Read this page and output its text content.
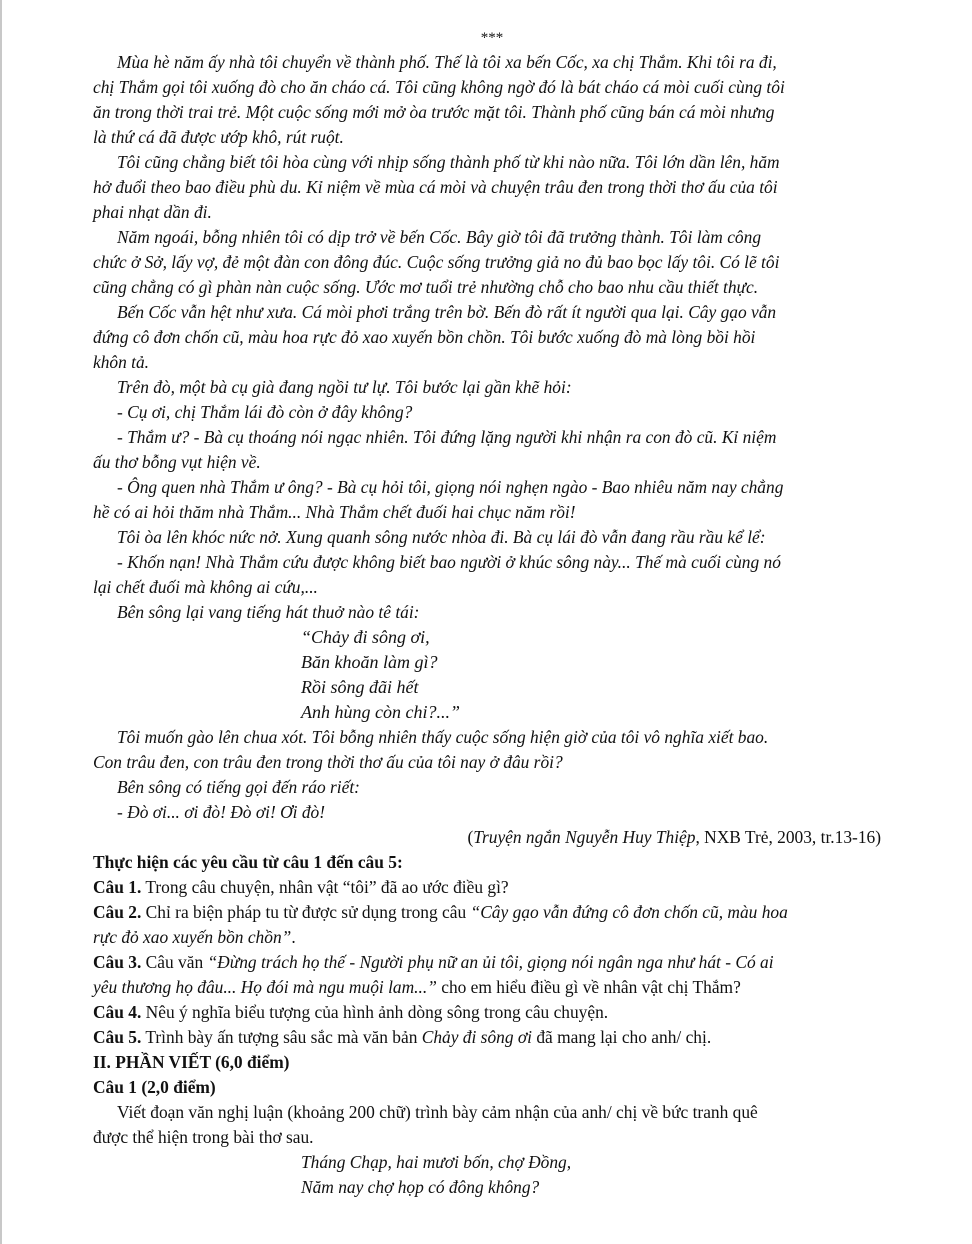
***
Mùa hè năm ấy nhà tôi chuyển về thành phố. Thế là tôi xa bến Cốc, xa chị Thắm. Khi tôi ra đi,
chị Thắm gọi tôi xuống đò cho ăn cháo cá. Tôi cũng không ngờ đó là bát cháo cá mòi cuối cùng tôi
ăn trong thời trai trẻ. Một cuộc sống mới mở òa trước mặt tôi. Thành phố cũng bán cá mòi nhưng
là thứ cá đã được ướp khô, rút ruột.
Tôi cũng chẳng biết tôi hòa cùng với nhịp sống thành phố từ khi nào nữa. Tôi lớn dần lên, hăm
hở đuổi theo bao điều phù du. Kỉ niệm về mùa cá mòi và chuyện trâu đen trong thời thơ ấu của tôi
phai nhạt dần đi.
Năm ngoái, bỗng nhiên tôi có dịp trở về bến Cốc. Bây giờ tôi đã trưởng thành. Tôi làm công
chức ở Sở, lấy vợ, đẻ một đàn con đông đúc. Cuộc sống trưởng giả no đủ bao bọc lấy tôi. Có lẽ tôi
cũng chẳng có gì phàn nàn cuộc sống. Ước mơ tuổi trẻ nhường chỗ cho bao nhu cầu thiết thực.
Bến Cốc vẫn hệt như xưa. Cá mòi phơi trắng trên bờ. Bến đò rất ít người qua lại. Cây gạo vẫn
đứng cô đơn chốn cũ, màu hoa rực đỏ xao xuyến bồn chồn. Tôi bước xuống đò mà lòng bồi hồi
khôn tả.
Trên đò, một bà cụ già đang ngồi tư lự. Tôi bước lại gần khẽ hỏi:
- Cụ ơi, chị Thắm lái đò còn ở đây không?
- Thắm ư? - Bà cụ thoáng nói ngạc nhiên. Tôi đứng lặng người khi nhận ra con đò cũ. Kỉ niệm
ấu thơ bỗng vụt hiện về.
- Ông quen nhà Thắm ư ông? - Bà cụ hỏi tôi, giọng nói nghẹn ngào - Bao nhiêu năm nay chẳng
hề có ai hỏi thăm nhà Thắm... Nhà Thắm chết đuối hai chục năm rồi!
Tôi òa lên khóc nức nở. Xung quanh sông nước nhòa đi. Bà cụ lái đò vẫn đang rầu rầu kể lể:
- Khốn nạn! Nhà Thắm cứu được không biết bao người ở khúc sông này... Thế mà cuối cùng nó
lại chết đuối mà không ai cứu,...
Bên sông lại vang tiếng hát thuở nào tê tái:
“Chảy đi sông ơi,
Băn khoăn làm gì?
Rồi sông đãi hết
Anh hùng còn chi?...”
Tôi muốn gào lên chua xót. Tôi bỗng nhiên thấy cuộc sống hiện giờ của tôi vô nghĩa xiết bao.
Con trâu đen, con trâu đen trong thời thơ ấu của tôi nay ở đâu rồi?
Bên sông có tiếng gọi đến ráo riết:
- Đò ơi... ơi đò! Đò ơi! Ơi đò!
(Truyện ngắn Nguyễn Huy Thiệp, NXB Trẻ, 2003, tr.13-16)
Thực hiện các yêu cầu từ câu 1 đến câu 5:
Câu 1. Trong câu chuyện, nhân vật “tôi” đã ao ước điều gì?
Câu 2. Chỉ ra biện pháp tu từ được sử dụng trong câu “Cây gạo vẫn đứng cô đơn chốn cũ, màu hoa
rực đỏ xao xuyến bồn chồn”.
Câu 3. Câu văn “Đừng trách họ thế - Người phụ nữ an ủi tôi, giọng nói ngân nga như hát - Có ai
yêu thương họ đâu... Họ đói mà ngu muội lam...” cho em hiểu điều gì về nhân vật chị Thắm?
Câu 4. Nêu ý nghĩa biểu tượng của hình ảnh dòng sông trong câu chuyện.
Câu 5. Trình bày ấn tượng sâu sắc mà văn bản Chảy đi sông ơi đã mang lại cho anh/ chị.
II. PHẦN VIẾT (6,0 điểm)
Câu 1 (2,0 điểm)
Viết đoạn văn nghị luận (khoảng 200 chữ) trình bày cảm nhận của anh/ chị về bức tranh quê
được thể hiện trong bài thơ sau.
Tháng Chạp, hai mươi bốn, chợ Đồng,
Năm nay chợ họp có đông không?
